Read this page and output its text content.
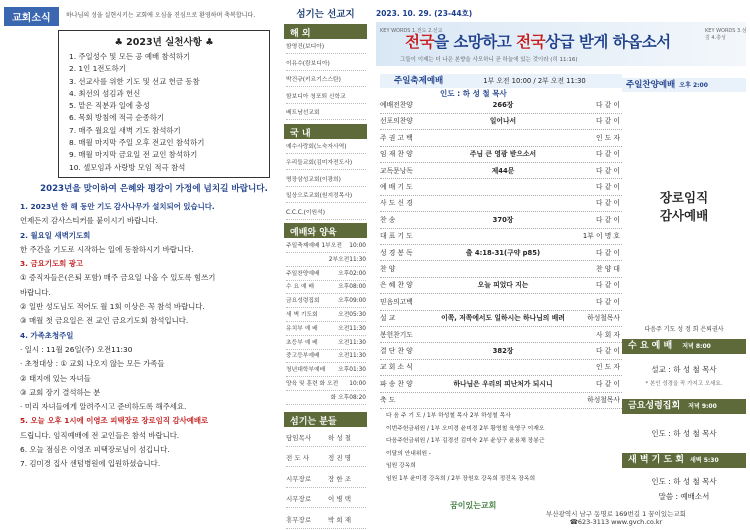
교회소식	하나님의 성을 실현시키는 교회에 오심을 진심으로 환영하며 축복합니다.
♣ 2023년 실천사항 ♣
1. 주일성수 및 모든 공 예배 참석하기
2. 1인 1전도하기
3. 선교사를 위한 기도 및 선교 헌금 동참
4. 최선의 섬김과 헌신
5. 맡은 직분과 일에 충성
6. 목회 방침에 적극 순종하기
7. 매주 월요일 새벽 기도 참석하기
8. 매월 마지막 주일 오후 전교인 참석하기
9. 매월 마지막 금요일 전 교인 참석하기
10. 셀모임과 사랑방 모임 적극 참석
2023년을 맞이하여 은혜와 평강이 가정에 넘치길 바랍니다.
1. 2023년 한 해 동안 기도 감사나무가 설치되어 있습니다.
언제든지 감사스티커를 붙이시기 바랍니다.
2. 월요일 새벽기도회
한 주간을 기도로 시작하는 일에 동참하시기 바랍니다.
3. 금요기도회 광고
① 증직자들은(은퇴 포함) 매주 금요일 나올 수 있도록 힘쓰기
바랍니다.
② 일반 성도님도 적어도 월 1회 이상은 꼭 참석 바랍니다.
③ 매월 첫 금요일은 전 교인 금요기도회 참석입니다.
4. 가족초청주일
· 일시 : 11월 26일(주) 오전11:30
· 초청대상 : ① 교회 나오지 않는 모든 가족들
② 태지에 있는 자녀들
③ 교회 장기 결석하는 분
· 미리 자녀들에게 알려주시고 준비하도록 해주세요.
5. 오늘 오후 1시에 이영조 피택장로 장로임직 감사예배로
드립니다. 임직예배에 전 교인들은 참석 바랍니다.
6. 오늘 점심은 이영조 피택장로님이 섬깁니다.
7. 김미경 집사 센텀병원에 입원하셨습니다.
섬기는 선교지
해 외
함영진(보디아)
이유수(캄보디아)
박건규(키르기스스탄)
함보디아 청포퇴 신학교
베트남선교회
국 내
예수사랑회(노숙자사역)
우리들교회(김미자전도사)
명장삼성교회(이광희)
일상으로교회(원지정목사)
C.C.C.(이원석)
예배와 양육
주일축제예배 1부오전 10:00
2부오전11:30
주일찬양예배	오후02:00
수 요 예 배	오후08:00
금요성령집회	오후09:00
새 벽 기도회	오전05:30
유치부 예 배	오전11:30
초등부 예 배	오전11:30
중고등부예배	오전11:30
청년대학부예배 오후01:30
양육 및 훈련 화 오전 10:00
화 오후08:20
섬기는 분들
담임목사	하 성 철
전 도 사	정 진 명
시무장로	장 한 조
시무장로	이 병 택
휴무장로	박 희 재
2023. 10. 29. (23-44호)
KEY WORDS 1.전도 2.선교	KEY WORDS 3.섬김 4.충성
전국을 소망하고 전국상급 받게 하옵소서
그들이 이제는 더 나은 본향을 사모하니 곧 하늘에 있는 것이라 (히 11:16)
주일축제예배	1부 오전 10:00 / 2부 오전 11:30
인도 : 하 성 철 목사
주일찬양예배 오후 2:00
예배전찬양	266장	다 같 이
선포의찬양	일어나서	다 같 이
주 권 고 백	인 도 자
임 재 찬 양	주님 큰 영광 받으소서	다 같 이
교독문낭독	제44문	다 같 이
예 배 기 도	다 같 이
사 도 신 경	다 같 이
찬 송	370장	다 같 이
대 표 기 도	1부 이 명 호
성 경 봉 독	출 4:18-31(구약 p85)	다 같 이
찬 양	찬 양 대
은 혜 찬 양	오늘 피었다 지는	다 같 이
믿음의고백	다 같 이
설 교	이쪽, 저쪽에서도 일하시는 하나님의 배려	하성철목사
봉헌찬기도	사 회 자
결 단 찬 양	382장	다 같 이
교 회 소 식	인 도 자
파 송 찬 양	하나님은 우리의 피난처가 되시니	다 같 이
축 도	하성철목사
다 음 주 기 도 / 1부 하성철 목사 2부 하성철 목사
이번주헌금위원 / 1부 오미경 윤미경 2부 황영철 육영구 이재오
다음주헌금위원 / 1부 김경선 김미숙 2부 윤상구 윤용채 장봉근
이달의 안내위원 -
임원 강옥희
임원 1부 윤미경 강옥희 / 2부 장원호 강옥희 정진옥 장옥희
장로임직
감사예배
다음주 기도 성 정 희 은퇴권사
수 요 예 배 저녁 8:00
설교 : 하 성 철 목사
* 본인 성경을 꼭 가지고 오세요.
금요성령집회 저녁 9:00
인도 : 하 성 철 목사
새 벽 기 도 회 새벽 5:30
인도 : 하 성 철 목사
말씀 : 예배소서
꿈이있는교회
부산광역시 남구 동명로 169번길 1 꿈이있는교회
☎623-3113 www.gvch.co.kr
